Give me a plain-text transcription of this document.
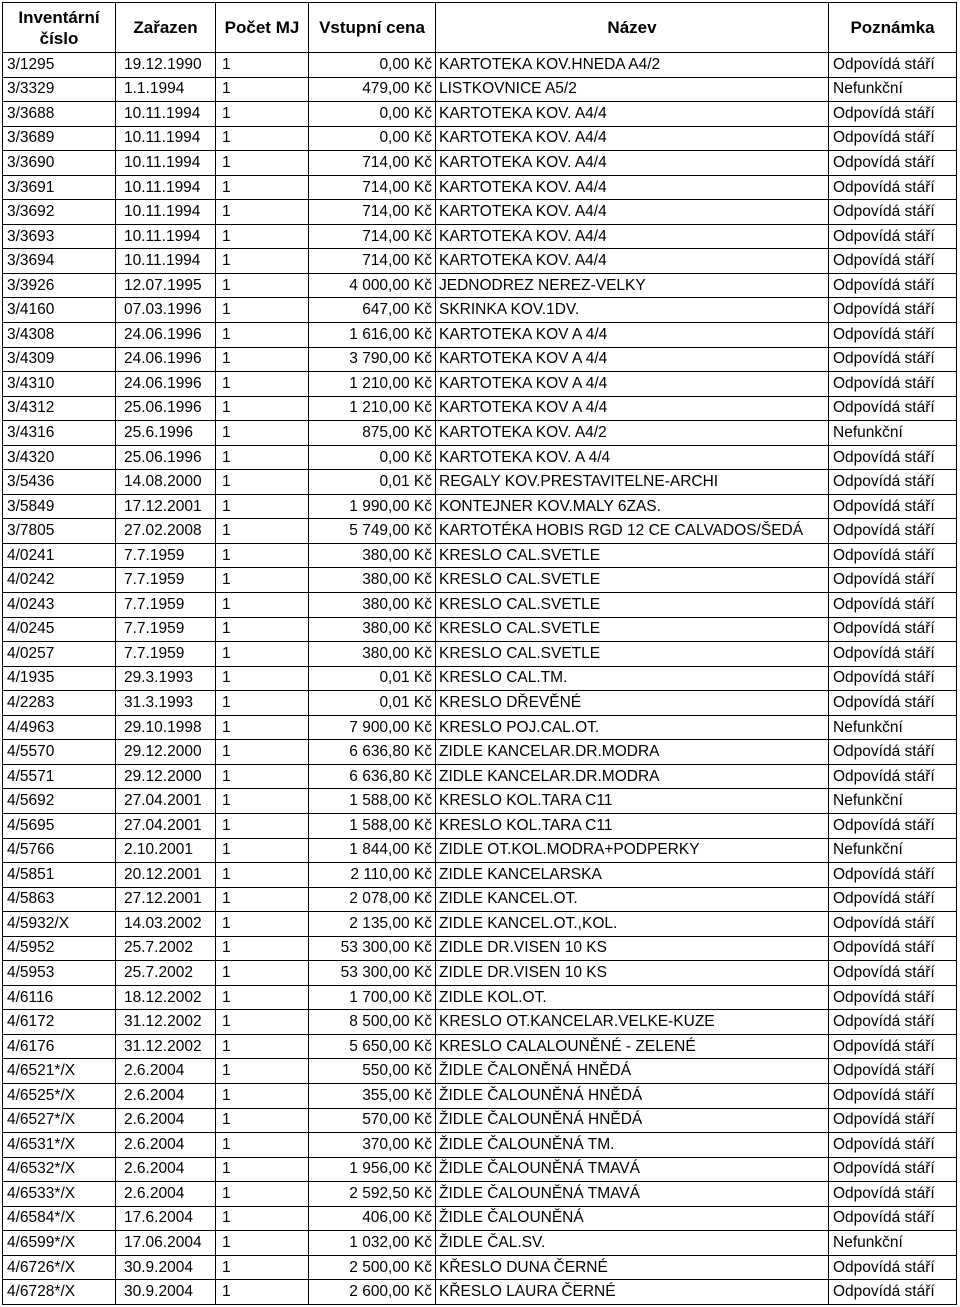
Inventární číslo	Zařazen	Počet MJ	Vstupní cena	Název	Poznámka
3/1295	19.12.1990	1	0,00 Kč	KARTOTEKA KOV.HNEDA A4/2	Odpovídá stáří
3/3329	1.1.1994	1	479,00 Kč	LISTKOVNICE A5/2	Nefunkční
3/3688	10.11.1994	1	0,00 Kč	KARTOTEKA KOV. A4/4	Odpovídá stáří
3/3689	10.11.1994	1	0,00 Kč	KARTOTEKA KOV. A4/4	Odpovídá stáří
3/3690	10.11.1994	1	714,00 Kč	KARTOTEKA KOV. A4/4	Odpovídá stáří
3/3691	10.11.1994	1	714,00 Kč	KARTOTEKA KOV. A4/4	Odpovídá stáří
3/3692	10.11.1994	1	714,00 Kč	KARTOTEKA KOV. A4/4	Odpovídá stáří
3/3693	10.11.1994	1	714,00 Kč	KARTOTEKA KOV. A4/4	Odpovídá stáří
3/3694	10.11.1994	1	714,00 Kč	KARTOTEKA KOV. A4/4	Odpovídá stáří
3/3926	12.07.1995	1	4 000,00 Kč	JEDNODREZ NEREZ-VELKY	Odpovídá stáří
3/4160	07.03.1996	1	647,00 Kč	SKRINKA KOV.1DV.	Odpovídá stáří
3/4308	24.06.1996	1	1 616,00 Kč	KARTOTEKA KOV A 4/4	Odpovídá stáří
3/4309	24.06.1996	1	3 790,00 Kč	KARTOTEKA KOV A 4/4	Odpovídá stáří
3/4310	24.06.1996	1	1 210,00 Kč	KARTOTEKA KOV A 4/4	Odpovídá stáří
3/4312	25.06.1996	1	1 210,00 Kč	KARTOTEKA KOV A 4/4	Odpovídá stáří
3/4316	25.6.1996	1	875,00 Kč	KARTOTEKA KOV. A4/2	Nefunkční
3/4320	25.06.1996	1	0,00 Kč	KARTOTEKA KOV. A 4/4	Odpovídá stáří
3/5436	14.08.2000	1	0,01 Kč	REGALY KOV.PRESTAVITELNE-ARCHI	Odpovídá stáří
3/5849	17.12.2001	1	1 990,00 Kč	KONTEJNER KOV.MALY 6ZAS.	Odpovídá stáří
3/7805	27.02.2008	1	5 749,00 Kč	KARTOTÉKA HOBIS RGD 12 CE CALVADOS/ŠEDÁ	Odpovídá stáří
4/0241	7.7.1959	1	380,00 Kč	KRESLO CAL.SVETLE	Odpovídá stáří
4/0242	7.7.1959	1	380,00 Kč	KRESLO CAL.SVETLE	Odpovídá stáří
4/0243	7.7.1959	1	380,00 Kč	KRESLO CAL.SVETLE	Odpovídá stáří
4/0245	7.7.1959	1	380,00 Kč	KRESLO CAL.SVETLE	Odpovídá stáří
4/0257	7.7.1959	1	380,00 Kč	KRESLO CAL.SVETLE	Odpovídá stáří
4/1935	29.3.1993	1	0,01 Kč	KRESLO CAL.TM.	Odpovídá stáří
4/2283	31.3.1993	1	0,01 Kč	KRESLO DŘEVĚNÉ	Odpovídá stáří
4/4963	29.10.1998	1	7 900,00 Kč	KRESLO POJ.CAL.OT.	Nefunkční
4/5570	29.12.2000	1	6 636,80 Kč	ZIDLE KANCELAR.DR.MODRA	Odpovídá stáří
4/5571	29.12.2000	1	6 636,80 Kč	ZIDLE KANCELAR.DR.MODRA	Odpovídá stáří
4/5692	27.04.2001	1	1 588,00 Kč	KRESLO KOL.TARA C11	Nefunkční
4/5695	27.04.2001	1	1 588,00 Kč	KRESLO KOL.TARA C11	Odpovídá stáří
4/5766	2.10.2001	1	1 844,00 Kč	ZIDLE OT.KOL.MODRA+PODPERKY	Nefunkční
4/5851	20.12.2001	1	2 110,00 Kč	ZIDLE KANCELARSKA	Odpovídá stáří
4/5863	27.12.2001	1	2 078,00 Kč	ZIDLE KANCEL.OT.	Odpovídá stáří
4/5932/X	14.03.2002	1	2 135,00 Kč	ZIDLE KANCEL.OT.,KOL.	Odpovídá stáří
4/5952	25.7.2002	1	53 300,00 Kč	ZIDLE DR.VISEN 10 KS	Odpovídá stáří
4/5953	25.7.2002	1	53 300,00 Kč	ZIDLE DR.VISEN 10 KS	Odpovídá stáří
4/6116	18.12.2002	1	1 700,00 Kč	ZIDLE KOL.OT.	Odpovídá stáří
4/6172	31.12.2002	1	8 500,00 Kč	KRESLO OT.KANCELAR.VELKE-KUZE	Odpovídá stáří
4/6176	31.12.2002	1	5 650,00 Kč	KRESLO CALALOUNĚNÉ - ZELENÉ	Odpovídá stáří
4/6521*/X	2.6.2004	1	550,00 Kč	ŽIDLE ČALONĚNÁ HNĚDÁ	Odpovídá stáří
4/6525*/X	2.6.2004	1	355,00 Kč	ŽIDLE ČALOUNĚNÁ HNĚDÁ	Odpovídá stáří
4/6527*/X	2.6.2004	1	570,00 Kč	ŽIDLE ČALOUNĚNÁ HNĚDÁ	Odpovídá stáří
4/6531*/X	2.6.2004	1	370,00 Kč	ŽIDLE ČALOUNĚNÁ TM.	Odpovídá stáří
4/6532*/X	2.6.2004	1	1 956,00 Kč	ŽIDLE ČALOUNĚNÁ TMAVÁ	Odpovídá stáří
4/6533*/X	2.6.2004	1	2 592,50 Kč	ŽIDLE ČALOUNĚNÁ TMAVÁ	Odpovídá stáří
4/6584*/X	17.6.2004	1	406,00 Kč	ŽIDLE ČALOUNĚNÁ	Odpovídá stáří
4/6599*/X	17.06.2004	1	1 032,00 Kč	ŽIDLE ČAL.SV.	Nefunkční
4/6726*/X	30.9.2004	1	2 500,00 Kč	KŘESLO DUNA ČERNÉ	Odpovídá stáří
4/6728*/X	30.9.2004	1	2 600,00 Kč	KŘESLO LAURA ČERNÉ	Odpovídá stáří
